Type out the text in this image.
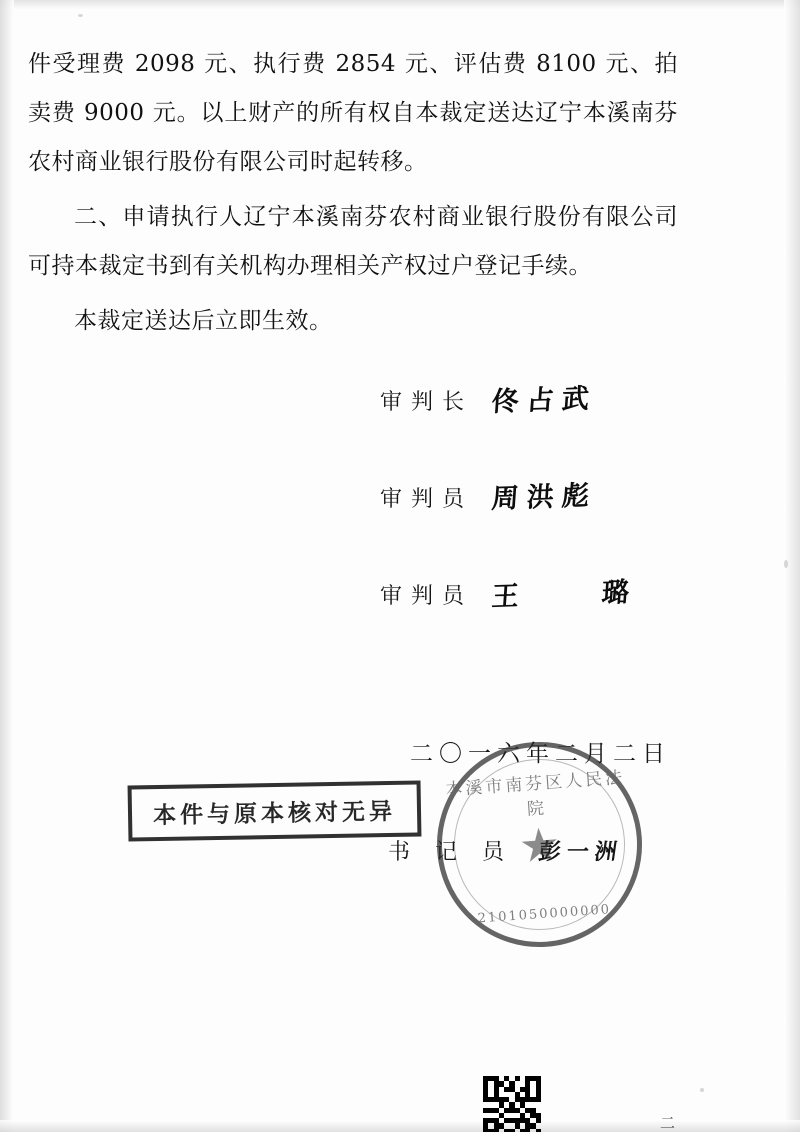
件受理费 2098 元、执行费 2854 元、评估费 8100 元、拍卖费 9000 元。以上财产的所有权自本裁定送达辽宁本溪南芬农村商业银行股份有限公司时起转移。

二、申请执行人辽宁本溪南芬农村商业银行股份有限公司可持本裁定书到有关机构办理相关产权过户登记手续。

本裁定送达后立即生效。

审判长 佟占武
审判员 周洪彪
审判员 王　璐
二〇一六年二月二日
书 记 员 彭一洲
本溪市南芬区人民法院
★
2101050000000
本件与原本核对无异
二
